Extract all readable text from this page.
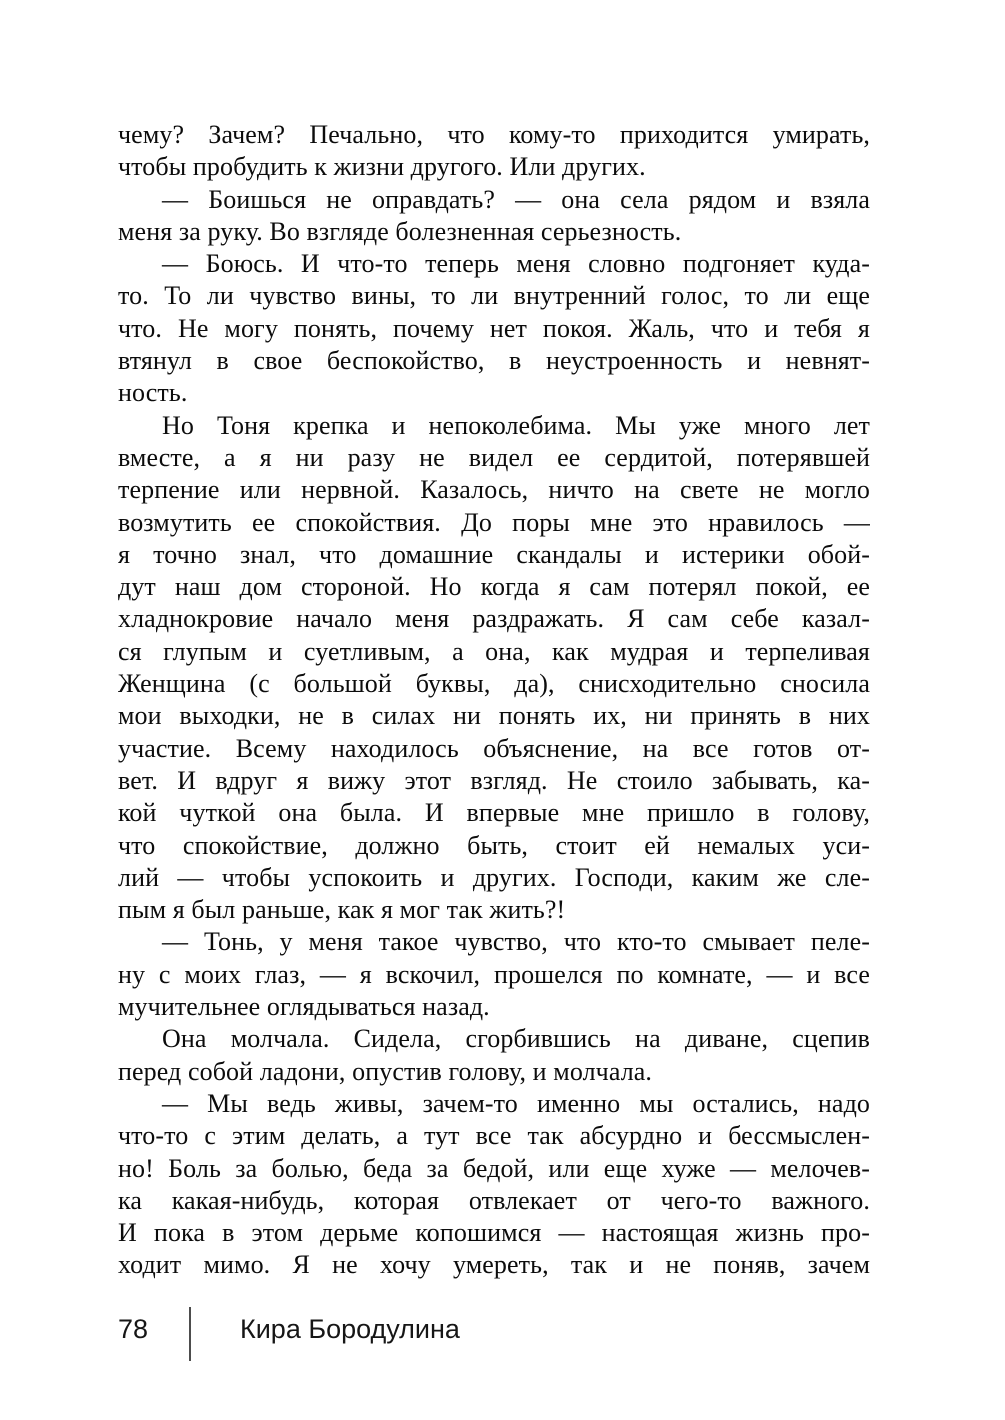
чему? Зачем? Печально, что кому-то приходится умирать,
чтобы пробудить к жизни другого. Или других.
— Боишься не оправдать? — она села рядом и взяла
меня за руку. Во взгляде болезненная серьезность.
— Боюсь. И что-то теперь меня словно подгоняет куда-
то. То ли чувство вины, то ли внутренний голос, то ли еще
что. Не могу понять, почему нет покоя. Жаль, что и тебя я
втянул в свое беспокойство, в неустроенность и невнят-
ность.
Но Тоня крепка и непоколебима. Мы уже много лет
вместе, а я ни разу не видел ее сердитой, потерявшей
терпение или нервной. Казалось, ничто на свете не могло
возмутить ее спокойствия. До поры мне это нравилось —
я точно знал, что домашние скандалы и истерики обой-
дут наш дом стороной. Но когда я сам потерял покой, ее
хладнокровие начало меня раздражать. Я сам себе казал-
ся глупым и суетливым, а она, как мудрая и терпеливая
Женщина (с большой буквы, да), снисходительно сносила
мои выходки, не в силах ни понять их, ни принять в них
участие. Всему находилось объяснение, на все готов от-
вет. И вдруг я вижу этот взгляд. Не стоило забывать, ка-
кой чуткой она была. И впервые мне пришло в голову,
что спокойствие, должно быть, стоит ей немалых уси-
лий — чтобы успокоить и других. Господи, каким же сле-
пым я был раньше, как я мог так жить?!
— Тонь, у меня такое чувство, что кто-то смывает пеле-
ну с моих глаз, — я вскочил, прошелся по комнате, — и все
мучительнее оглядываться назад.
Она молчала. Сидела, сгорбившись на диване, сцепив
перед собой ладони, опустив голову, и молчала.
— Мы ведь живы, зачем-то именно мы остались, надо
что-то с этим делать, а тут все так абсурдно и бессмыслен-
но! Боль за болью, беда за бедой, или еще хуже — мелочев-
ка какая-нибудь, которая отвлекает от чего-то важного.
И пока в этом дерьме копошимся — настоящая жизнь про-
ходит мимо. Я не хочу умереть, так и не поняв, зачем
78	Кира Бородулина
